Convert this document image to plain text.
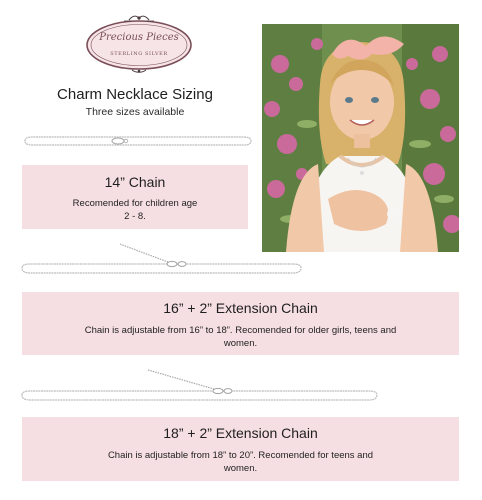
Precious Pieces
STERLING SILVER
Charm Necklace Sizing
Three sizes available
14” Chain
Recomended for children age 2 - 8.
16” + 2” Extension Chain
Chain is adjustable from 16” to 18”. Recomended for older girls, teens and women.
18” + 2” Extension Chain
Chain is adjustable from 18” to 20”. Recomended for teens and women.
